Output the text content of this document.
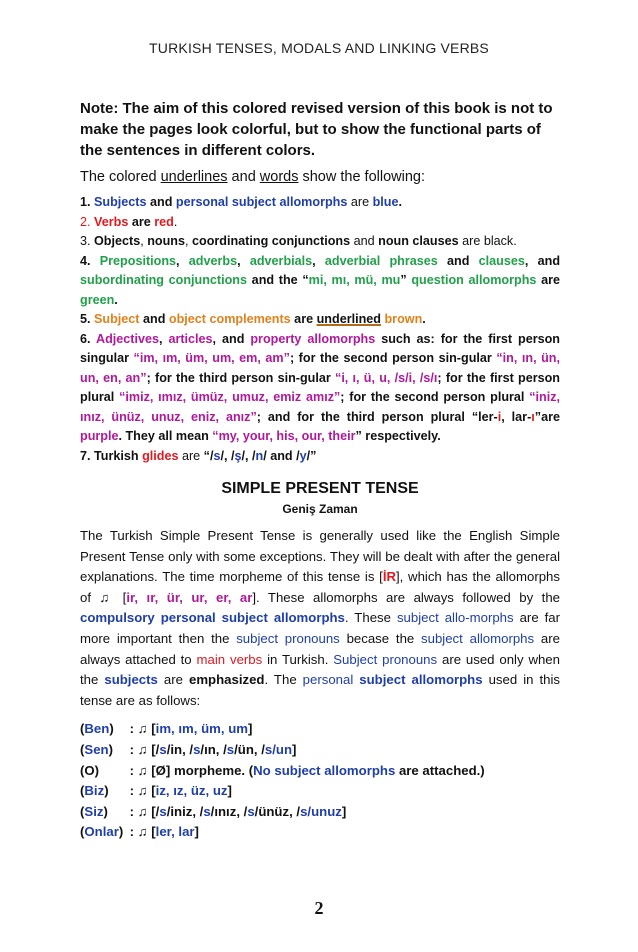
TURKISH TENSES, MODALS AND LINKING VERBS

Note: The aim of this colored revised version of this book is not to make the pages look colorful, but to show the functional parts of the sentences in different colors.

The colored underlines and words show the following:

1. Subjects and personal subject allomorphs are blue.

2. Verbs are red.

3. Objects, nouns, coordinating conjunctions and noun clauses are black.

4. Prepositions, adverbs, adverbials, adverbial phrases and clauses, and subordinating conjunctions and the “mi, mı, mü, mu” question allomorphs are green.

5. Subject and object complements are underlined brown.

6. Adjectives, articles, and property allomorphs such as: for the first person singular “im, ım, üm, um, em, am”; for the second person sin-gular “in, ın, ün, un, en, an”; for the third person sin-gular “i, ı, ü, u, /s/i, /s/ı; for the first person plural “imiz, ımız, ümüz, umuz, emiz amız”; for the second person plural “iniz, ınız, ünüz, unuz, eniz, anız”; and for the third person plural “ler-i, lar-ı”are purple. They all mean “my, your, his, our, their” respectively.

7. Turkish glides are “/s/, /ş/, /n/ and /y/”

SIMPLE PRESENT TENSE
Geniş Zaman

The Turkish Simple Present Tense is generally used like the English Simple Present Tense only with some exceptions. They will be dealt with after the general explanations. The time morpheme of this tense is [İR], which has the allomorphs of ♫ [ir, ır, ür, ur, er, ar]. These allomorphs are always followed by the compulsory personal subject allomorphs. These subject allo-morphs are far more important then the subject pronouns becase the subject allomorphs are always attached to main verbs in Turkish. Subject pronouns are used only when the subjects are emphasized. The personal subject allomorphs used in this tense are as follows:

(Ben) : ♫ [im, ım, üm, um]
(Sen) : ♫ [/s/in, /s/ın, /s/ün, /s/un]
(O) : ♫ [Ø] morpheme. (No subject allomorphs are attached.)
(Biz) : ♫ [iz, ız, üz, uz]
(Siz) : ♫ [/s/iniz, /s/ınız, /s/ünüz, /s/unuz]
(Onlar) : ♫ [ler, lar]
2
